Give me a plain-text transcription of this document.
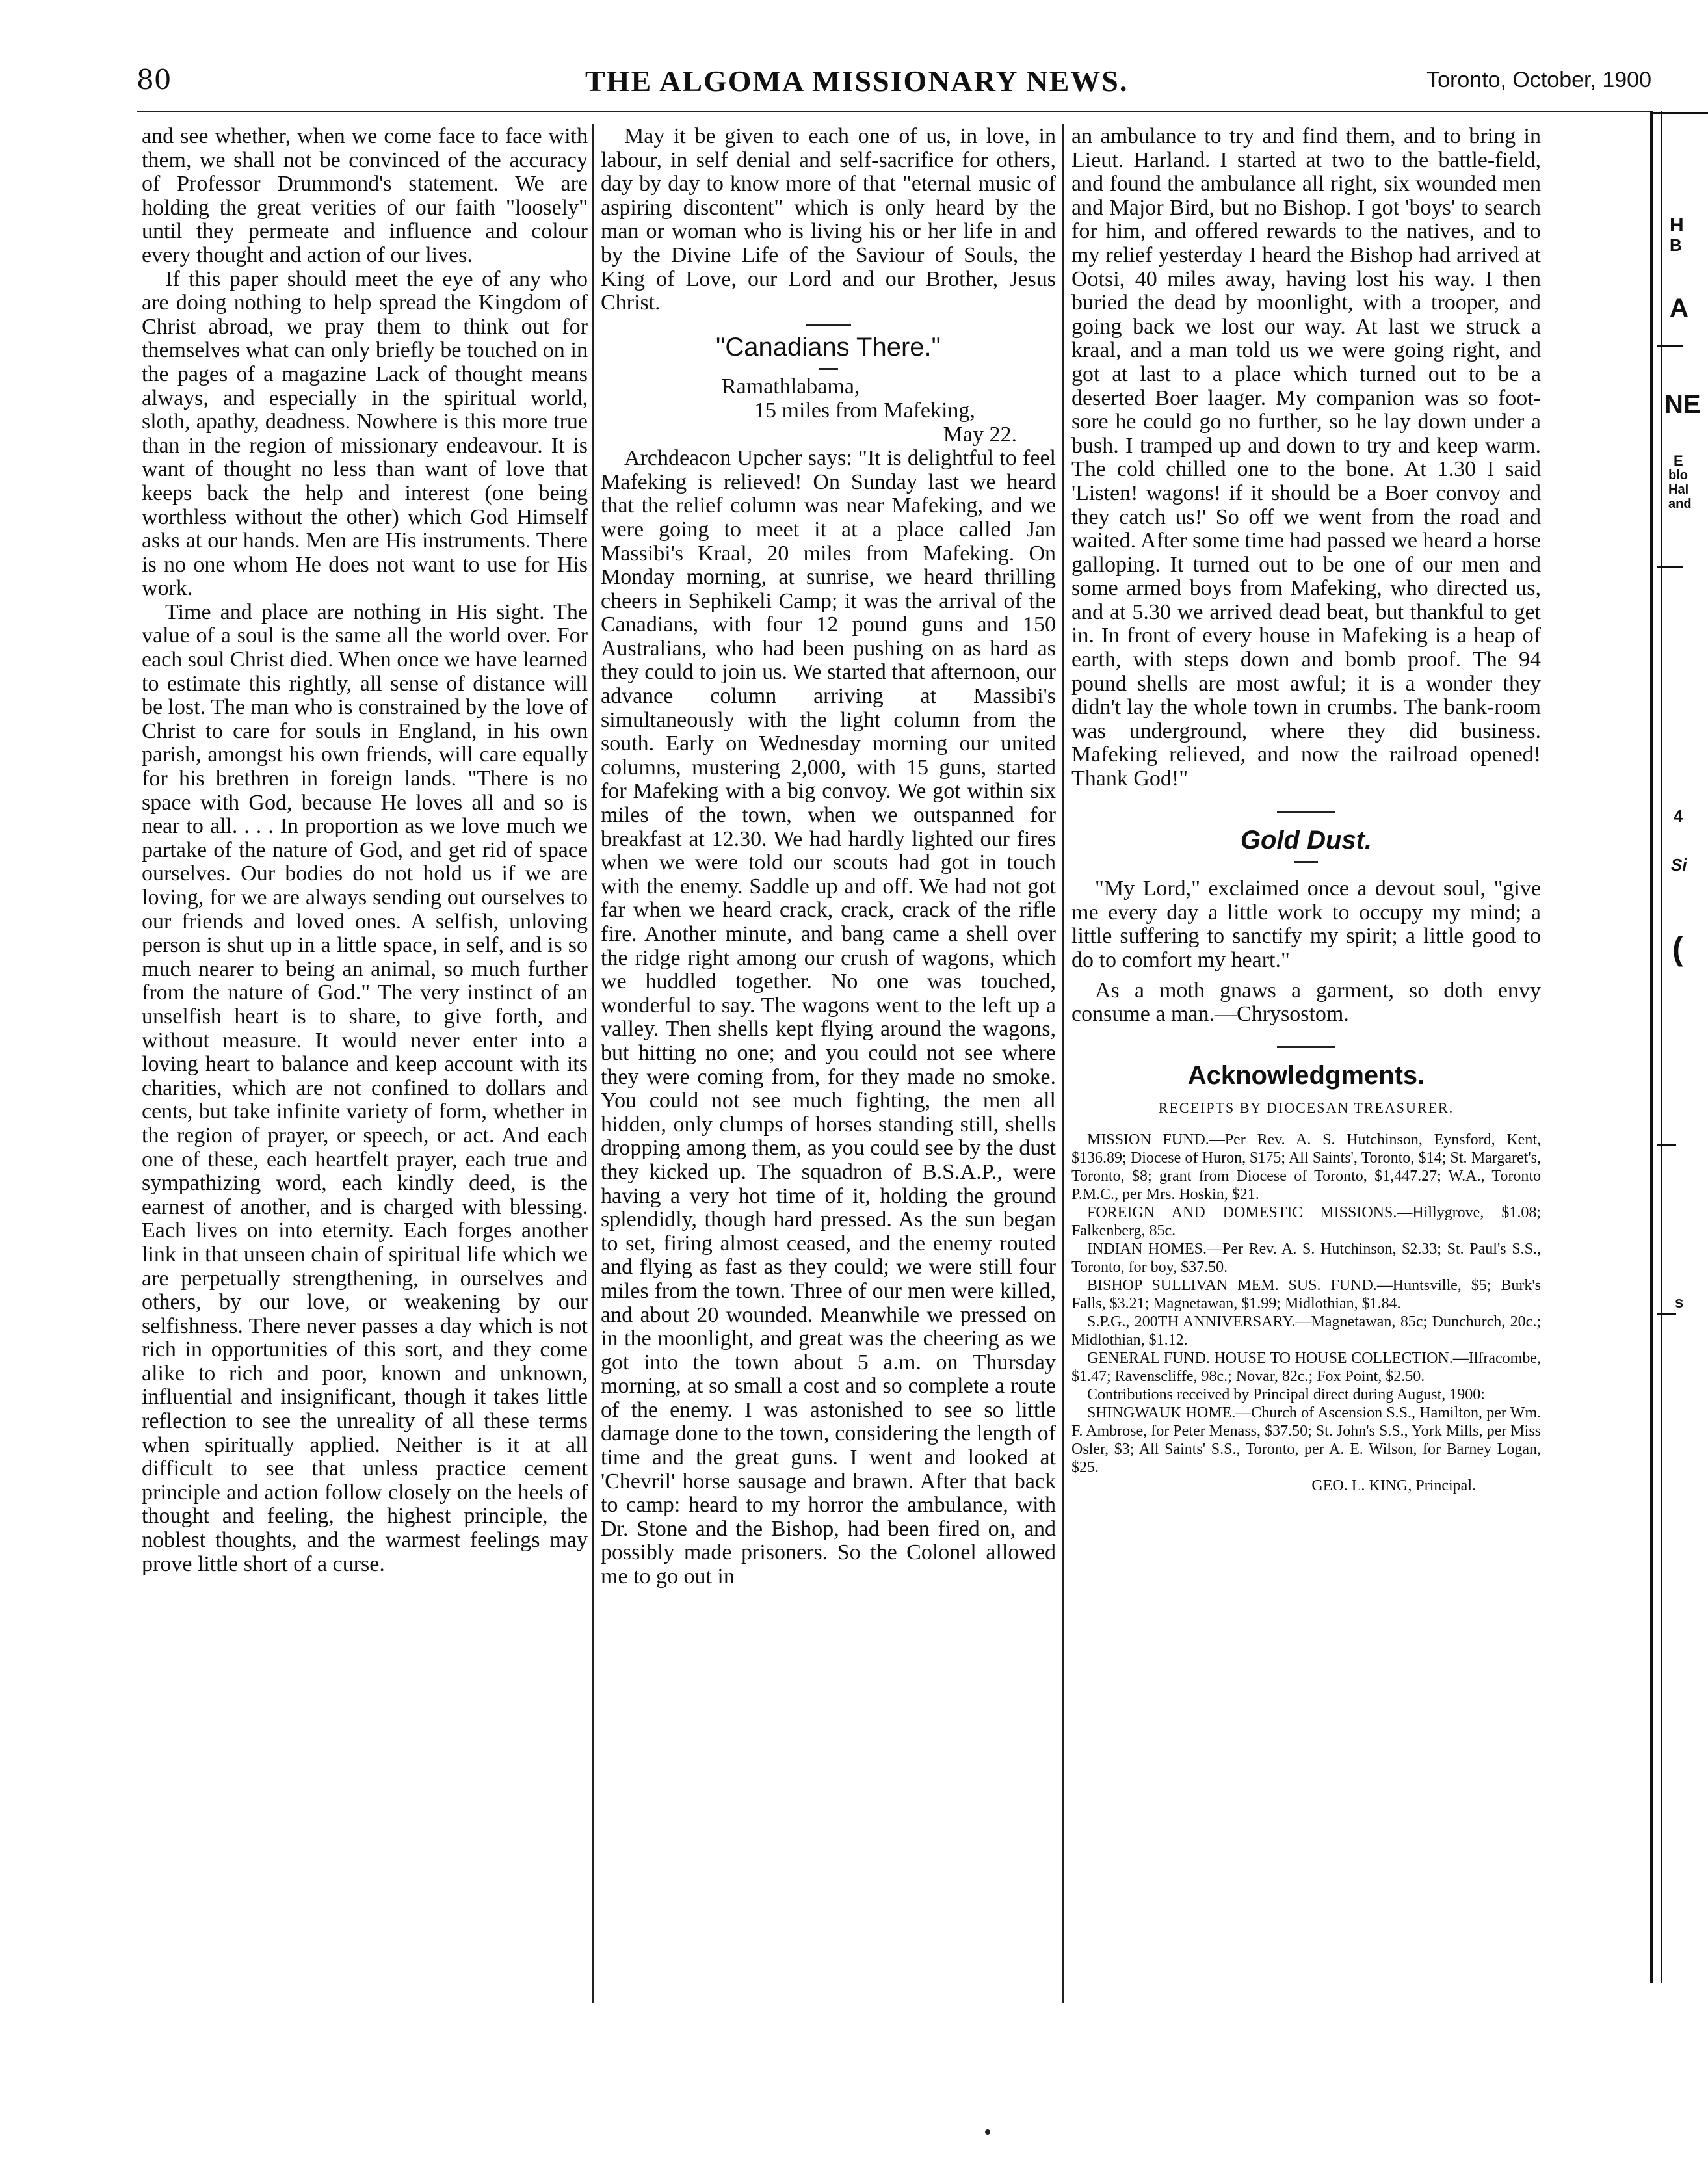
80	THE ALGOMA MISSIONARY NEWS.	Toronto, October, 1900

and see whether, when we come face to face with them, we shall not be convinced of the accuracy of Professor Drummond's statement. We are holding the great verities of our faith "loosely" until they permeate and influence and colour every thought and action of our lives.

If this paper should meet the eye of any who are doing nothing to help spread the Kingdom of Christ abroad, we pray them to think out for themselves what can only briefly be touched on in the pages of a magazine Lack of thought means always, and especially in the spiritual world, sloth, apathy, deadness. Nowhere is this more true than in the region of missionary endeavour. It is want of thought no less than want of love that keeps back the help and interest (one being worthless without the other) which God Himself asks at our hands. Men are His instruments. There is no one whom He does not want to use for His work.

Time and place are nothing in His sight. The value of a soul is the same all the world over. For each soul Christ died. When once we have learned to estimate this rightly, all sense of distance will be lost. The man who is constrained by the love of Christ to care for souls in England, in his own parish, amongst his own friends, will care equally for his brethren in foreign lands. "There is no space with God, because He loves all and so is near to all. . . . In proportion as we love much we partake of the nature of God, and get rid of space ourselves. Our bodies do not hold us if we are loving, for we are always sending out ourselves to our friends and loved ones. A selfish, unloving person is shut up in a little space, in self, and is so much nearer to being an animal, so much further from the nature of God." The very instinct of an unselfish heart is to share, to give forth, and without measure. It would never enter into a loving heart to balance and keep account with its charities, which are not confined to dollars and cents, but take infinite variety of form, whether in the region of prayer, or speech, or act. And each one of these, each heartfelt prayer, each true and sympathizing word, each kindly deed, is the earnest of another, and is charged with blessing. Each lives on into eternity. Each forges another link in that unseen chain of spiritual life which we are perpetually strengthening, in ourselves and others, by our love, or weakening by our selfishness. There never passes a day which is not rich in opportunities of this sort, and they come alike to rich and poor, known and unknown, influential and insignificant, though it takes little reflection to see the unreality of all these terms when spiritually applied. Neither is it at all difficult to see that unless practice cement principle and action follow closely on the heels of thought and feeling, the highest principle, the noblest thoughts, and the warmest feelings may prove little short of a curse.

May it be given to each one of us, in love, in labour, in self denial and self-sacrifice for others, day by day to know more of that "eternal music of aspiring discontent" which is only heard by the man or woman who is living his or her life in and by the Divine Life of the Saviour of Souls, the King of Love, our Lord and our Brother, Jesus Christ.

"Canadians There."

Ramathlabama,

15 miles from Mafeking,

May 22.

Archdeacon Upcher says: "It is delightful to feel Mafeking is relieved! On Sunday last we heard that the relief column was near Mafeking, and we were going to meet it at a place called Jan Massibi's Kraal, 20 miles from Mafeking. On Monday morning, at sunrise, we heard thrilling cheers in Sephikeli Camp; it was the arrival of the Canadians, with four 12 pound guns and 150 Australians, who had been pushing on as hard as they could to join us. We started that afternoon, our advance column arriving at Massibi's simultaneously with the light column from the south. Early on Wednesday morning our united columns, mustering 2,000, with 15 guns, started for Mafeking with a big convoy. We got within six miles of the town, when we outspanned for breakfast at 12.30. We had hardly lighted our fires when we were told our scouts had got in touch with the enemy. Saddle up and off. We had not got far when we heard crack, crack, crack of the rifle fire. Another minute, and bang came a shell over the ridge right among our crush of wagons, which we huddled together. No one was touched, wonderful to say. The wagons went to the left up a valley. Then shells kept flying around the wagons, but hitting no one; and you could not see where they were coming from, for they made no smoke. You could not see much fighting, the men all hidden, only clumps of horses standing still, shells dropping among them, as you could see by the dust they kicked up. The squadron of B.S.A.P., were having a very hot time of it, holding the ground splendidly, though hard pressed. As the sun began to set, firing almost ceased, and the enemy routed and flying as fast as they could; we were still four miles from the town. Three of our men were killed, and about 20 wounded. Meanwhile we pressed on in the moonlight, and great was the cheering as we got into the town about 5 a.m. on Thursday morning, at so small a cost and so complete a route of the enemy. I was astonished to see so little damage done to the town, considering the length of time and the great guns. I went and looked at 'Chevril' horse sausage and brawn. After that back to camp: heard to my horror the ambulance, with Dr. Stone and the Bishop, had been fired on, and possibly made prisoners. So the Colonel allowed me to go out in

an ambulance to try and find them, and to bring in Lieut. Harland. I started at two to the battle-field, and found the ambulance all right, six wounded men and Major Bird, but no Bishop. I got 'boys' to search for him, and offered rewards to the natives, and to my relief yesterday I heard the Bishop had arrived at Ootsi, 40 miles away, having lost his way. I then buried the dead by moonlight, with a trooper, and going back we lost our way. At last we struck a kraal, and a man told us we were going right, and got at last to a place which turned out to be a deserted Boer laager. My companion was so foot-sore he could go no further, so he lay down under a bush. I tramped up and down to try and keep warm. The cold chilled one to the bone. At 1.30 I said 'Listen! wagons! if it should be a Boer convoy and they catch us!' So off we went from the road and waited. After some time had passed we heard a horse galloping. It turned out to be one of our men and some armed boys from Mafeking, who directed us, and at 5.30 we arrived dead beat, but thankful to get in. In front of every house in Mafeking is a heap of earth, with steps down and bomb proof. The 94 pound shells are most awful; it is a wonder they didn't lay the whole town in crumbs. The bank-room was underground, where they did business. Mafeking relieved, and now the railroad opened! Thank God!"

Gold Dust.

"My Lord," exclaimed once a devout soul, "give me every day a little work to occupy my mind; a little suffering to sanctify my spirit; a little good to do to comfort my heart."

As a moth gnaws a garment, so doth envy consume a man.—Chrysostom.

Acknowledgments.
RECEIPTS BY DIOCESAN TREASURER.

MISSION FUND.—Per Rev. A. S. Hutchinson, Eynsford, Kent, $136.89; Diocese of Huron, $175; All Saints', Toronto, $14; St. Margaret's, Toronto, $8; grant from Diocese of Toronto, $1,447.27; W.A., Toronto P.M.C., per Mrs. Hoskin, $21.

FOREIGN AND DOMESTIC MISSIONS.—Hillygrove, $1.08; Falkenberg, 85c.

INDIAN HOMES.—Per Rev. A. S. Hutchinson, $2.33; St. Paul's S.S., Toronto, for boy, $37.50.

BISHOP SULLIVAN MEM. SUS. FUND.—Huntsville, $5; Burk's Falls, $3.21; Magnetawan, $1.99; Midlothian, $1.84.

S.P.G., 200TH ANNIVERSARY.—Magnetawan, 85c; Dunchurch, 20c.; Midlothian, $1.12.

GENERAL FUND. HOUSE TO HOUSE COLLECTION.—Ilfracombe, $1.47; Ravenscliffe, 98c.; Novar, 82c.; Fox Point, $2.50.

Contributions received by Principal direct during August, 1900:

SHINGWAUK HOME.—Church of Ascension S.S., Hamilton, per Wm. F. Ambrose, for Peter Menass, $37.50; St. John's S.S., York Mills, per Miss Osler, $3; All Saints' S.S., Toronto, per A. E. Wilson, for Barney Logan, $25.

GEO. L. KING, Principal.

H
B
A
NE
E
blo
Hal
and
4
Si
(
s
